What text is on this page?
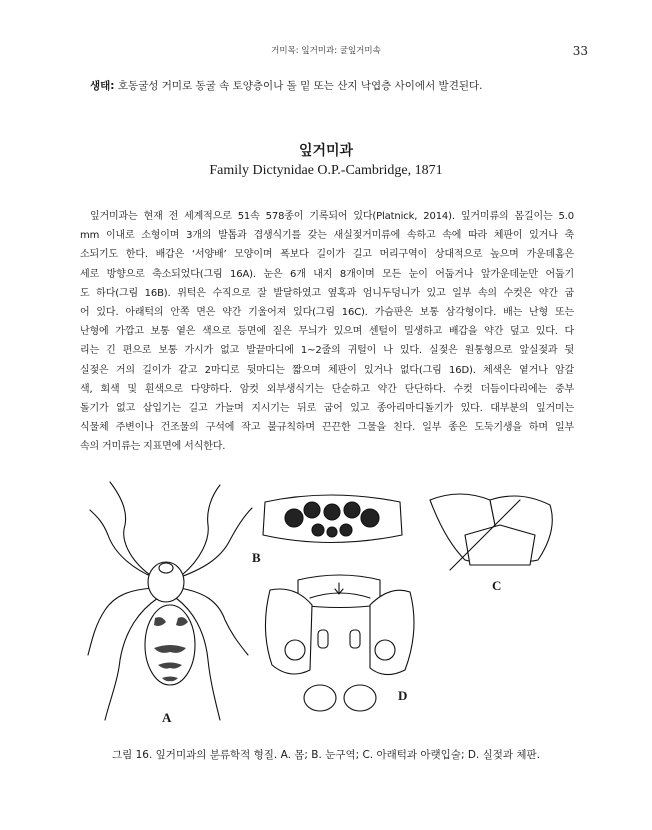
거미목: 잎거미과: 굴잎거미속	33
생태: 호동굴성 거미로 동굴 속 토양층이나 돌 밑 또는 산지 낙엽층 사이에서 발견된다.
잎거미과
Family Dictynidae O.P.-Cambridge, 1871
잎거미과는 현재 전 세계적으로 51속 578종이 기록되어 있다(Platnick, 2014). 잎거미류의 몸길이는 5.0
mm 이내로 소형이며 3개의 발톱과 겹생식기를 갖는 새실젖거미류에 속하고 속에 따라 체판이 있거나 축
소되기도 한다. 배갑은 ‘서양배’ 모양이며 폭보다 길이가 길고 머리구역이 상대적으로 높으며 가운데홈은
세로 방향으로 축소되었다(그림 16A). 눈은 6개 내지 8개이며 모든 눈이 어둡거나 앞가운데눈만 어둡기
도 하다(그림 16B). 위턱은 수직으로 잘 발달하였고 옆혹과 엄니두덩니가 있고 일부 속의 수컷은 약간 굽
어 있다. 아래턱의 안쪽 면은 약간 기울어져 있다(그림 16C). 가슴판은 보통 삼각형이다. 배는 난형 또는
난형에 가깝고 보통 옅은 색으로 등면에 짙은 무늬가 있으며 센털이 밀생하고 배갑을 약간 덮고 있다. 다
리는 긴 편으로 보통 가시가 없고 발끝마디에 1~2줄의 귀털이 나 있다. 실젖은 원통형으로 앞실젖과 뒷
실젖은 거의 길이가 같고 2마디로 뒷마디는 짧으며 체판이 있거나 없다(그림 16D). 체색은 옅거나 암갈
색, 회색 및 흰색으로 다양하다. 암컷 외부생식기는 단순하고 약간 단단하다. 수컷 더듬이다리에는 중부
돌기가 없고 삽입기는 길고 가늘며 지시기는 뒤로 굽어 있고 종아리마디돌기가 있다. 대부분의 잎거미는
식물체 주변이나 건조물의 구석에 작고 불규칙하며 끈끈한 그물을 친다. 일부 종은 도둑기생을 하며 일부
속의 거미류는 지표면에 서식한다.
A
B
C
D
그림 16. 잎거미과의 분류학적 형질. A. 몸; B. 눈구역; C. 아래턱과 아랫입술; D. 실젖과 체판.
